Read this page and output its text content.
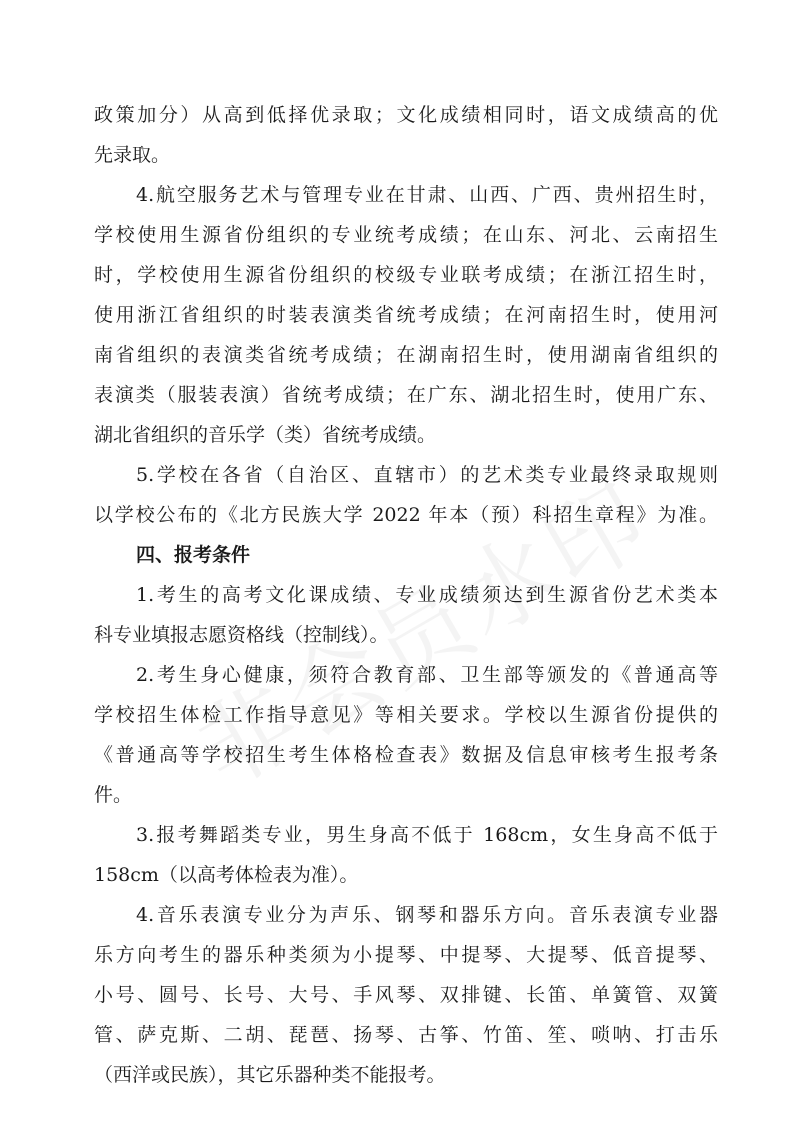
政策加分）从高到低择优录取；文化成绩相同时，语文成绩高的优
先录取。
4.航空服务艺术与管理专业在甘肃、山西、广西、贵州招生时，
学校使用生源省份组织的专业统考成绩；在山东、河北、云南招生
时，学校使用生源省份组织的校级专业联考成绩；在浙江招生时，
使用浙江省组织的时装表演类省统考成绩；在河南招生时，使用河
南省组织的表演类省统考成绩；在湖南招生时，使用湖南省组织的
表演类（服装表演）省统考成绩；在广东、湖北招生时，使用广东、
湖北省组织的音乐学（类）省统考成绩。
5.学校在各省（自治区、直辖市）的艺术类专业最终录取规则
以学校公布的《北方民族大学 2022 年本（预）科招生章程》为准。
四、报考条件
1.考生的高考文化课成绩、专业成绩须达到生源省份艺术类本
科专业填报志愿资格线（控制线）。
2.考生身心健康，须符合教育部、卫生部等颁发的《普通高等
学校招生体检工作指导意见》等相关要求。学校以生源省份提供的
《普通高等学校招生考生体格检查表》数据及信息审核考生报考条
件。
3.报考舞蹈类专业，男生身高不低于 168cm，女生身高不低于
158cm（以高考体检表为准）。
4.音乐表演专业分为声乐、钢琴和器乐方向。音乐表演专业器
乐方向考生的器乐种类须为小提琴、中提琴、大提琴、低音提琴、
小号、圆号、长号、大号、手风琴、双排键、长笛、单簧管、双簧
管、萨克斯、二胡、琵琶、扬琴、古筝、竹笛、笙、唢呐、打击乐
（西洋或民族），其它乐器种类不能报考。
